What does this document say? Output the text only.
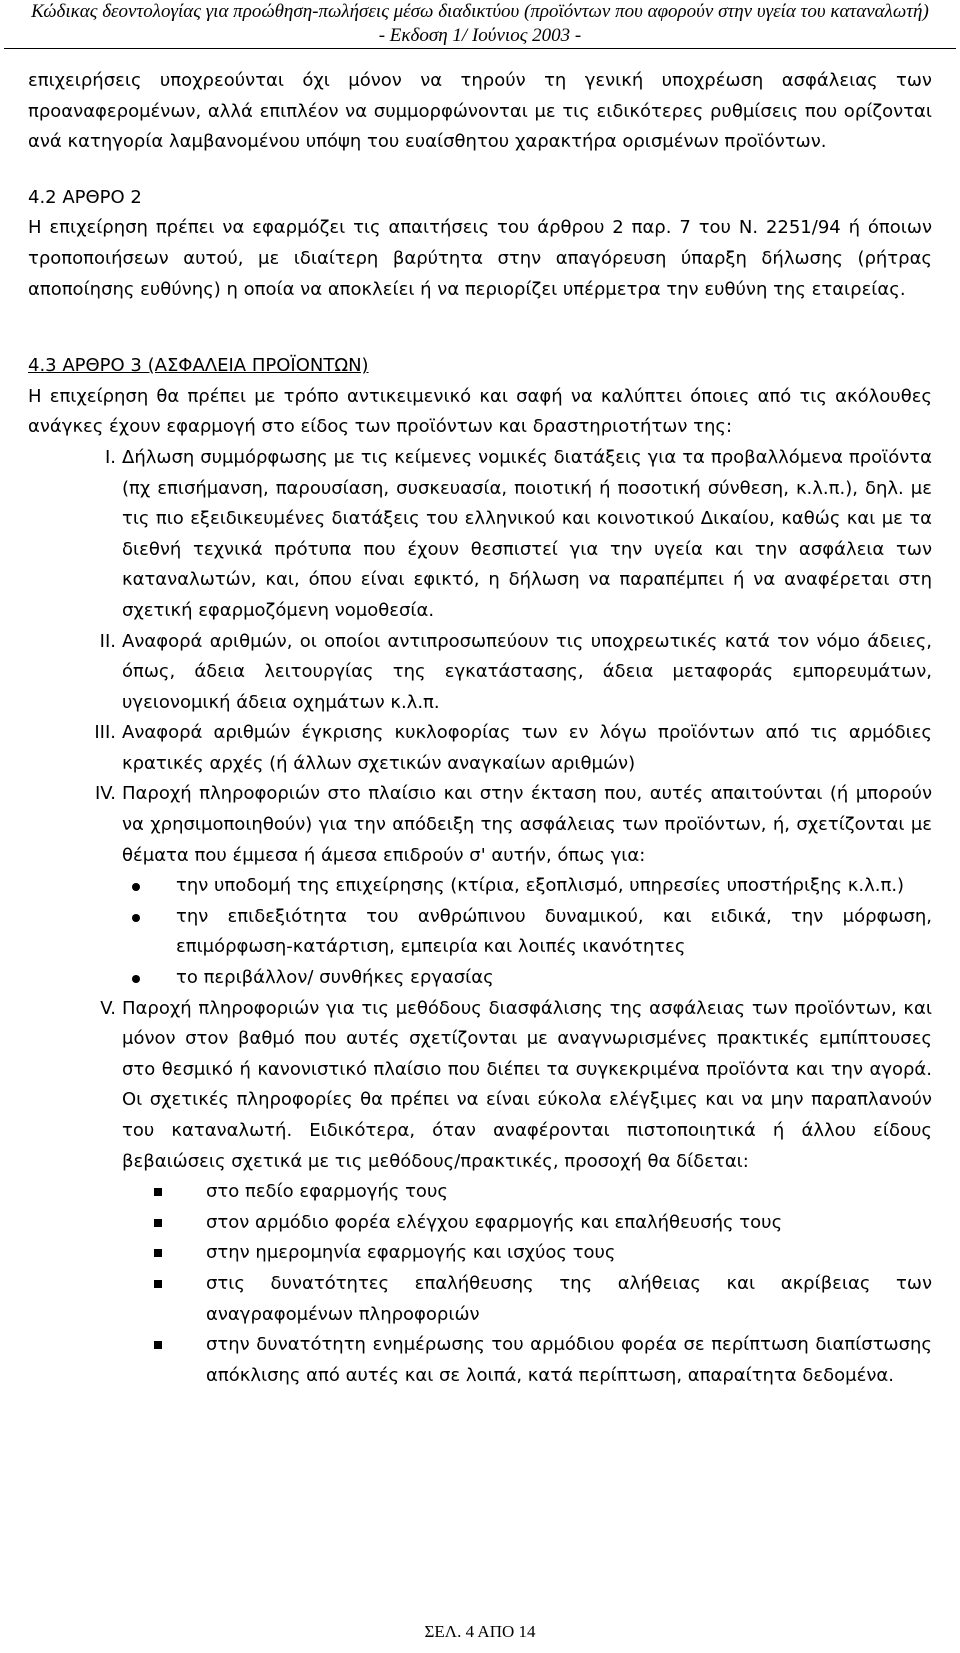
Κώδικας δεοντολογίας για προώθηση-πωλήσεις μέσω διαδικτύου (προϊόντων που αφορούν στην υγεία του καταναλωτή)
- Εκδοση 1/ Ιούνιος 2003 -

επιχειρήσεις υποχρεούνται όχι μόνον να τηρούν τη γενική υποχρέωση ασφάλειας των προαναφερομένων, αλλά επιπλέον να συμμορφώνονται με τις ειδικότερες ρυθμίσεις που ορίζονται ανά κατηγορία λαμβανομένου υπόψη του ευαίσθητου χαρακτήρα ορισμένων προϊόντων.

4.2 ΑΡΘΡΟ 2

Η επιχείρηση πρέπει να εφαρμόζει τις απαιτήσεις του άρθρου 2 παρ. 7 του Ν. 2251/94 ή όποιων τροποποιήσεων αυτού, με ιδιαίτερη βαρύτητα στην απαγόρευση ύπαρξη δήλωσης (ρήτρας αποποίησης ευθύνης) η οποία να αποκλείει ή να περιορίζει υπέρμετρα την ευθύνη της εταιρείας.

4.3 ΑΡΘΡΟ 3 (ΑΣΦΑΛΕΙΑ ΠΡΟΪΟΝΤΩΝ)

Η επιχείρηση θα πρέπει με τρόπο αντικειμενικό και σαφή να καλύπτει όποιες από τις ακόλουθες ανάγκες έχουν εφαρμογή στο είδος των προϊόντων και δραστηριοτήτων της:

I. Δήλωση συμμόρφωσης με τις κείμενες νομικές διατάξεις για τα προβαλλόμενα προϊόντα (πχ επισήμανση, παρουσίαση, συσκευασία, ποιοτική ή ποσοτική σύνθεση, κ.λ.π.), δηλ. με τις πιο εξειδικευμένες διατάξεις του ελληνικού και κοινοτικού Δικαίου, καθώς και με τα διεθνή τεχνικά πρότυπα που έχουν θεσπιστεί για την υγεία και την ασφάλεια των καταναλωτών, και, όπου είναι εφικτό, η δήλωση να παραπέμπει ή να αναφέρεται στη σχετική εφαρμοζόμενη νομοθεσία.
II. Αναφορά αριθμών, οι οποίοι αντιπροσωπεύουν τις υποχρεωτικές κατά τον νόμο άδειες, όπως, άδεια λειτουργίας της εγκατάστασης, άδεια μεταφοράς εμπορευμάτων, υγειονομική άδεια οχημάτων κ.λ.π.
III. Αναφορά αριθμών έγκρισης κυκλοφορίας των εν λόγω προϊόντων από τις αρμόδιες κρατικές αρχές (ή άλλων σχετικών αναγκαίων αριθμών)
IV. Παροχή πληροφοριών στο πλαίσιο και στην έκταση που, αυτές απαιτούνται (ή μπορούν να χρησιμοποιηθούν) για την απόδειξη της ασφάλειας των προϊόντων, ή, σχετίζονται με θέματα που έμμεσα ή άμεσα επιδρούν σ' αυτήν, όπως για:
την υποδομή της επιχείρησης (κτίρια, εξοπλισμό, υπηρεσίες υποστήριξης κ.λ.π.)
την επιδεξιότητα του ανθρώπινου δυναμικού, και ειδικά, την μόρφωση, επιμόρφωση-κατάρτιση, εμπειρία και λοιπές ικανότητες
το περιβάλλον/ συνθήκες εργασίας
V. Παροχή πληροφοριών για τις μεθόδους διασφάλισης της ασφάλειας των προϊόντων, και μόνον στον βαθμό που αυτές σχετίζονται με αναγνωρισμένες πρακτικές εμπίπτουσες στο θεσμικό ή κανονιστικό πλαίσιο που διέπει τα συγκεκριμένα προϊόντα και την αγορά. Οι σχετικές πληροφορίες θα πρέπει να είναι εύκολα ελέγξιμες και να μην παραπλανούν του καταναλωτή. Ειδικότερα, όταν αναφέρονται πιστοποιητικά ή άλλου είδους βεβαιώσεις σχετικά με τις μεθόδους/πρακτικές, προσοχή θα δίδεται:
στο πεδίο εφαρμογής τους
στον αρμόδιο φορέα ελέγχου εφαρμογής και επαλήθευσής τους
στην ημερομηνία εφαρμογής και ισχύος τους
στις δυνατότητες επαλήθευσης της αλήθειας και ακρίβειας των αναγραφομένων πληροφοριών
στην δυνατότητη ενημέρωσης του αρμόδιου φορέα σε περίπτωση διαπίστωσης απόκλισης από αυτές και σε λοιπά, κατά περίπτωση, απαραίτητα δεδομένα.
ΣΕΛ. 4 ΑΠΟ 14
